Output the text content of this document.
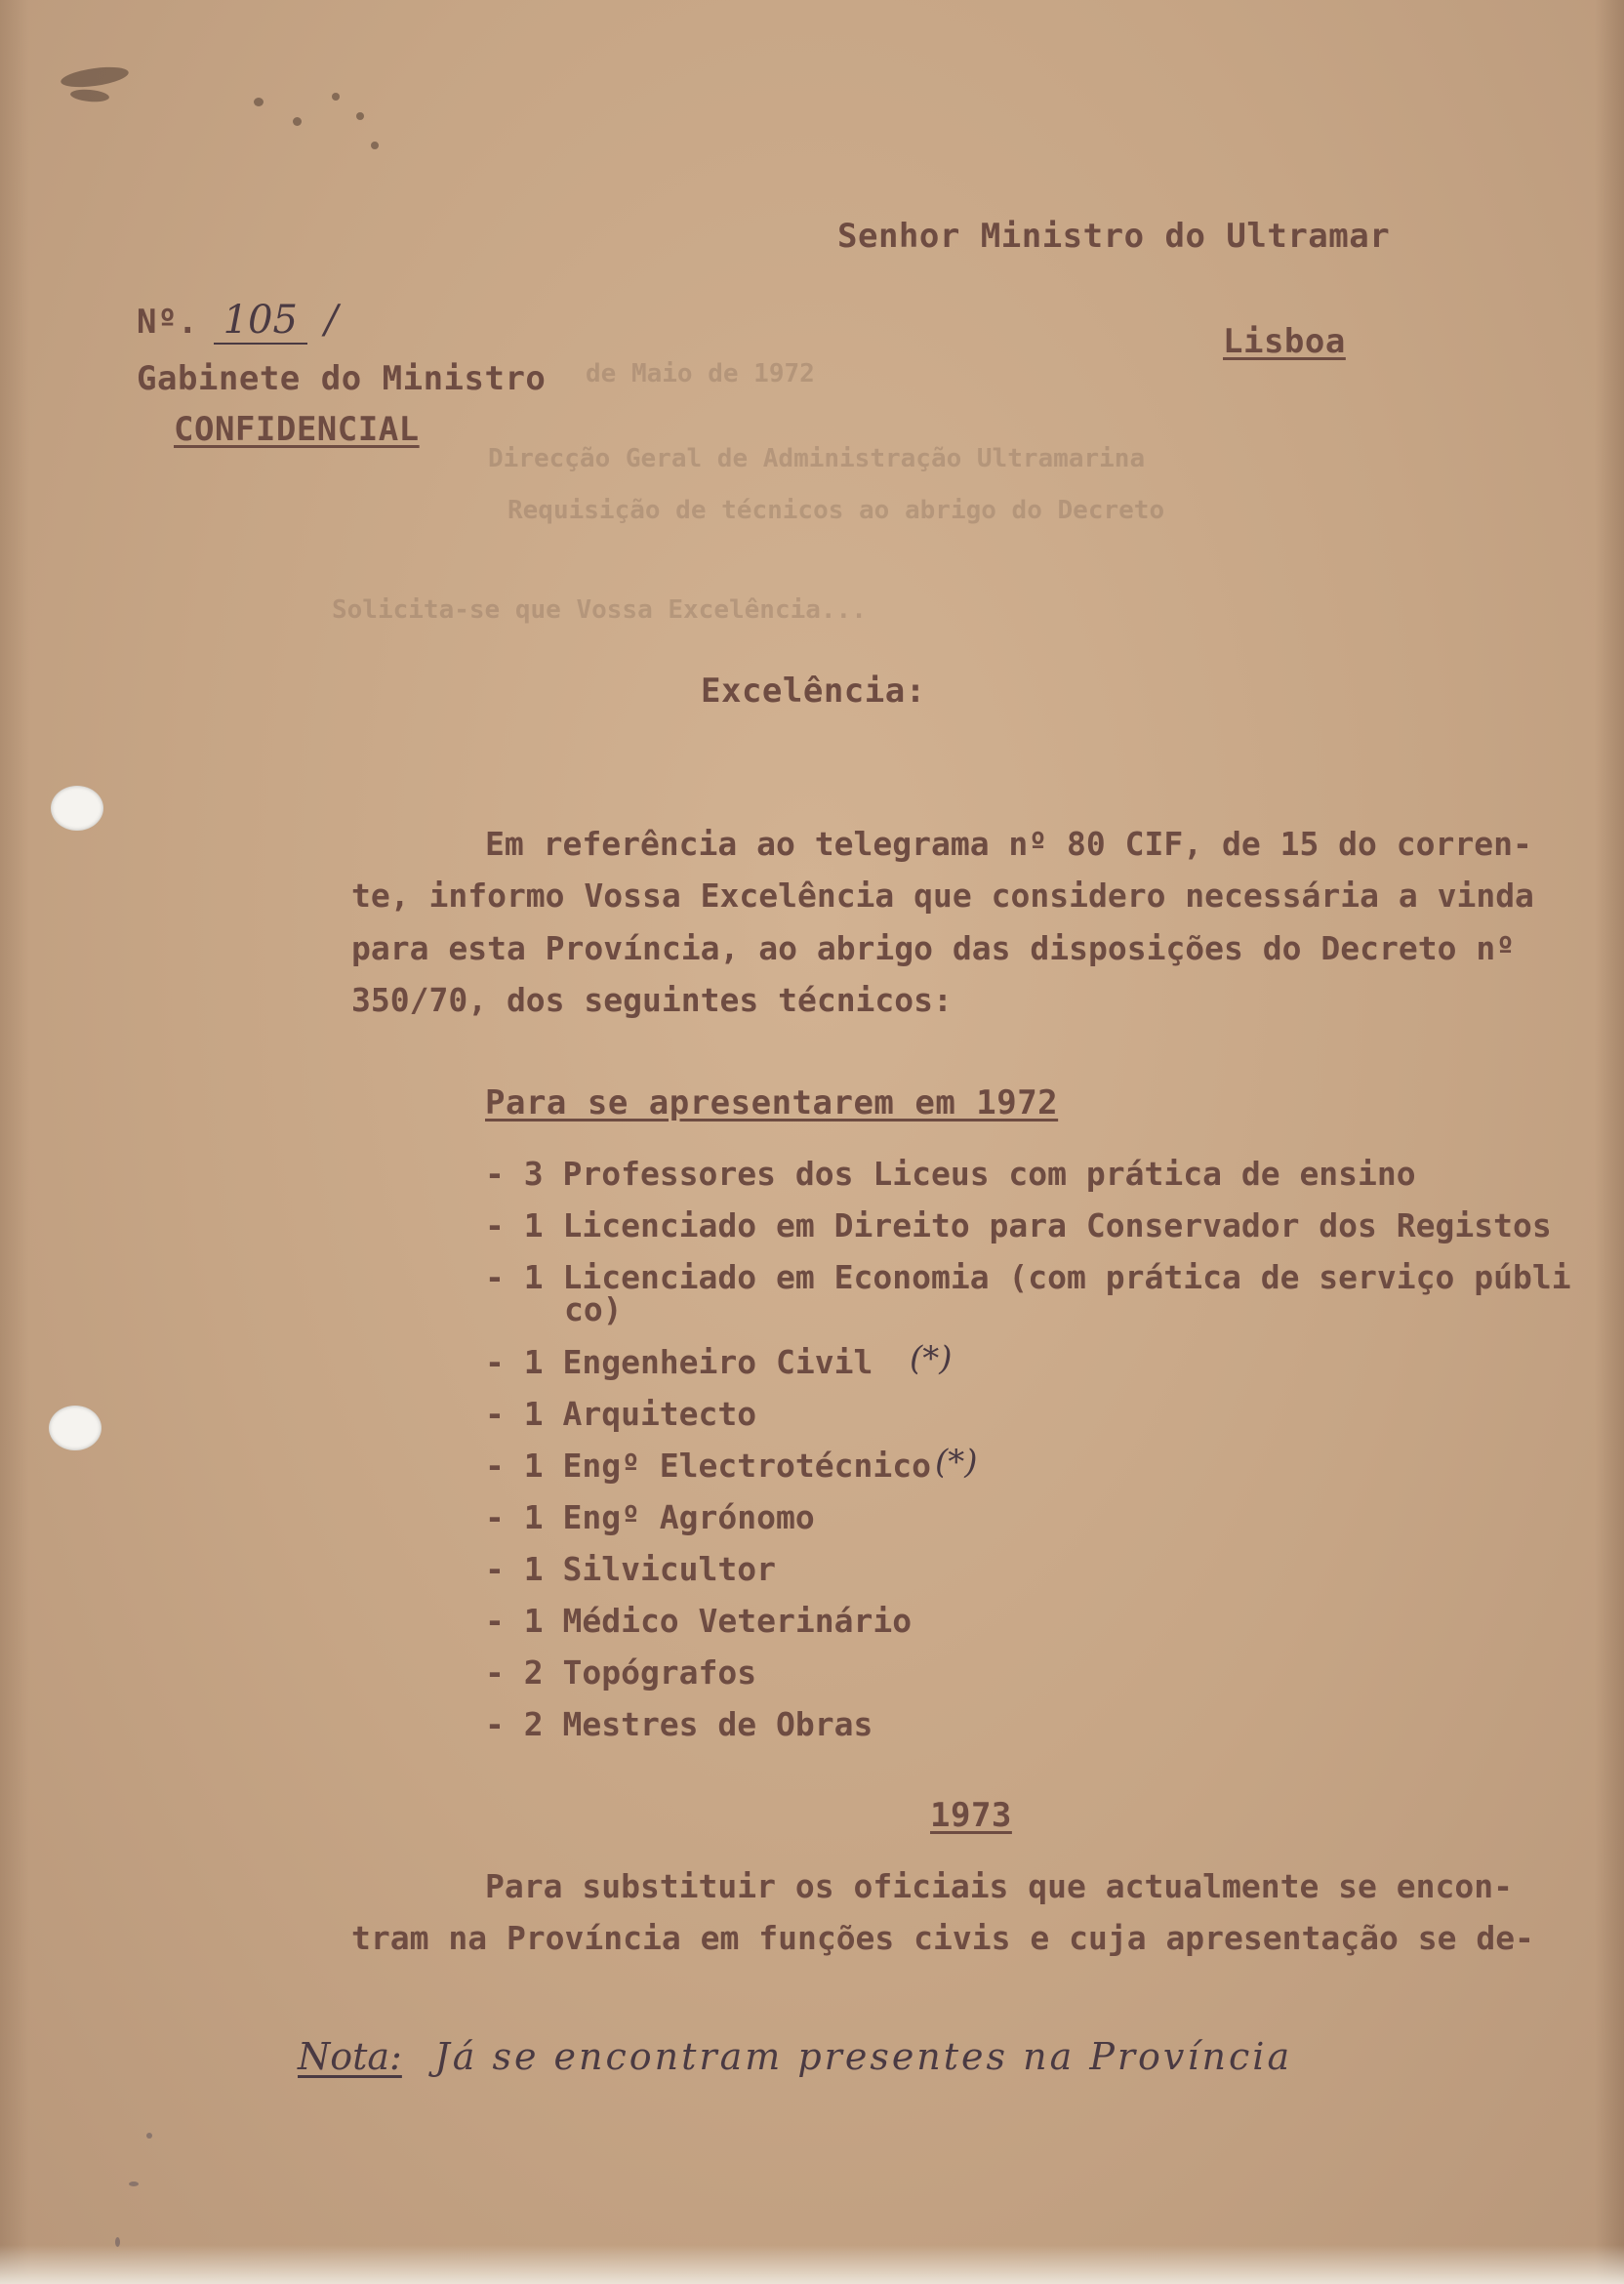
de Maio de 1972
Direcção Geral de Administração Ultramarina
Requisição de técnicos ao abrigo do Decreto
Solicita-se que Vossa Excelência...
Senhor Ministro do Ultramar
Lisboa
Nº. 105 /
Gabinete do Ministro
CONFIDENCIAL
Excelência:
Em referência ao telegrama nº 80 CIF, de 15 do corren-
te, informo Vossa Excelência que considero necessária a vinda
para esta Província, ao abrigo das disposições do Decreto nº
350/70, dos seguintes técnicos:
Para se apresentarem em 1972
- 3 Professores dos Liceus com prática de ensino
- 1 Licenciado em Direito para Conservador dos Registos
- 1 Licenciado em Economia (com prática de serviço públi
co)
- 1 Engenheiro Civil (*)
- 1 Arquitecto
- 1 Engº Electrotécnico (*)
- 1 Engº Agrónomo
- 1 Silvicultor
- 1 Médico Veterinário
- 2 Topógrafos
- 2 Mestres de Obras
1973
Para substituir os oficiais que actualmente se encon-
tram na Província em funções civis e cuja apresentação se de-
Nota: Já se encontram presentes na Província
